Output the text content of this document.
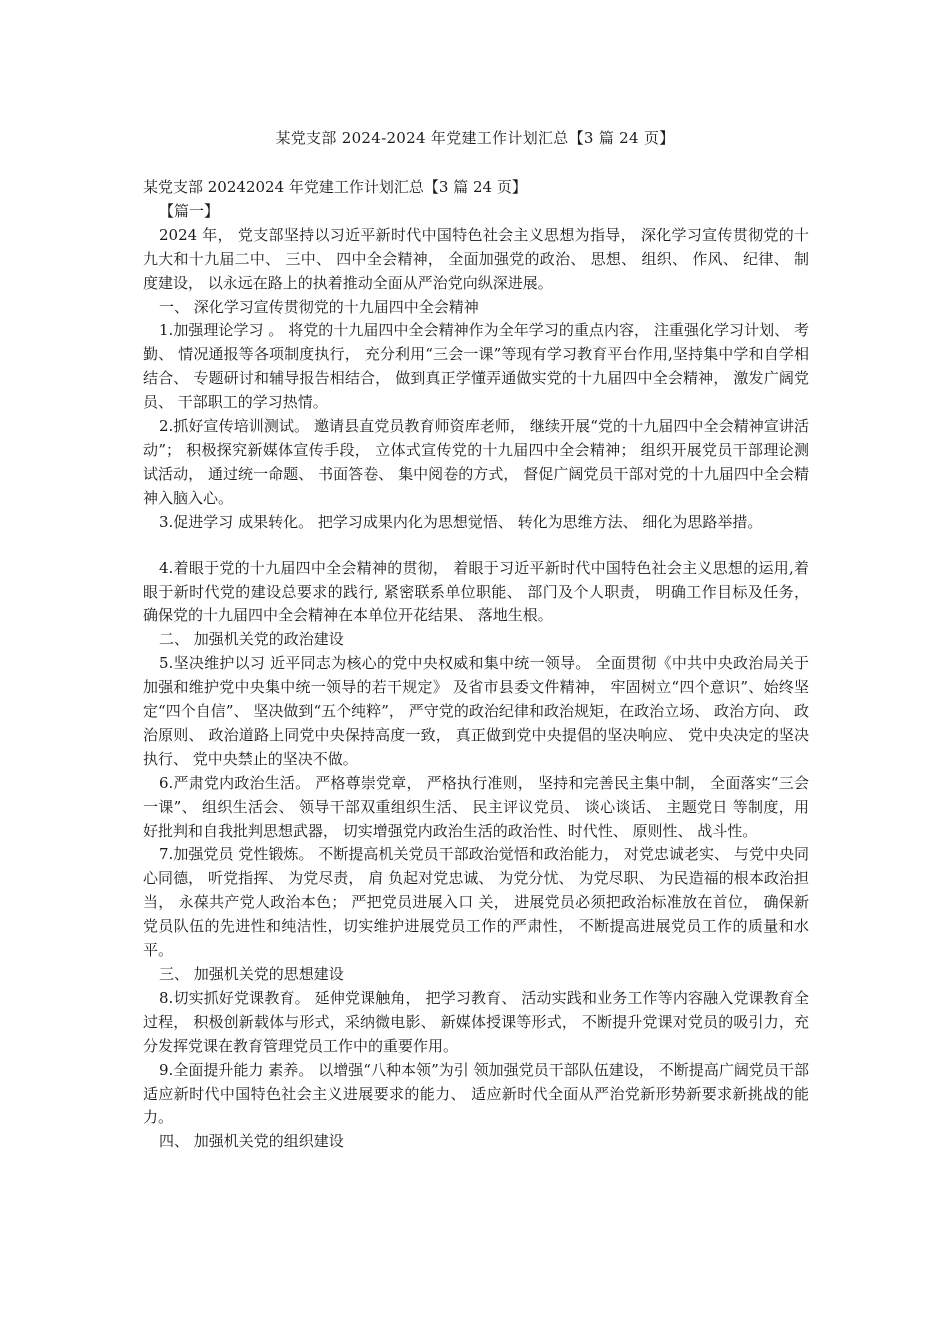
某党支部 2024-2024 年党建工作计划汇总【3 篇 24 页】

某党支部 20242024 年党建工作计划汇总【3 篇 24 页】

【篇一】

2024 年， 党支部坚持以习近平新时代中国特色社会主义思想为指导， 深化学习宣传贯彻党的十九大和十九届二中、 三中、 四中全会精神， 全面加强党的政治、 思想、 组织、 作风、 纪律、 制度建设， 以永远在路上的执着推动全面从严治党向纵深进展。

一、 深化学习宣传贯彻党的十九届四中全会精神

1.加强理论学习 。 将党的十九届四中全会精神作为全年学习的重点内容， 注重强化学习计划、 考勤、 情况通报等各项制度执行， 充分利用“三会一课”等现有学习教育平台作用,坚持集中学和自学相结合、 专题研讨和辅导报告相结合， 做到真正学懂弄通做实党的十九届四中全会精神， 激发广阔党员、 干部职工的学习热情。

2.抓好宣传培训测试。 邀请县直党员教育师资库老师， 继续开展“党的十九届四中全会精神宣讲活动”； 积极探究新媒体宣传手段， 立体式宣传党的十九届四中全会精神； 组织开展党员干部理论测试活动， 通过统一命题、 书面答卷、 集中阅卷的方式， 督促广阔党员干部对党的十九届四中全会精神入脑入心。

3.促进学习 成果转化。 把学习成果内化为思想觉悟、 转化为思维方法、 细化为思路举措。

4.着眼于党的十九届四中全会精神的贯彻， 着眼于习近平新时代中国特色社会主义思想的运用,着眼于新时代党的建设总要求的践行, 紧密联系单位职能、 部门及个人职责， 明确工作目标及任务， 确保党的十九届四中全会精神在本单位开花结果、 落地生根。

二、 加强机关党的政治建设

5.坚决维护以习 近平同志为核心的党中央权威和集中统一领导。 全面贯彻《中共中央政治局关于加强和维护党中央集中统一领导的若干规定》 及省市县委文件精神， 牢固树立“四个意识”、始终坚定“四个自信”、 坚决做到“五个纯粹”， 严守党的政治纪律和政治规矩，在政治立场、 政治方向、 政治原则、 政治道路上同党中央保持高度一致， 真正做到党中央提倡的坚决响应、 党中央决定的坚决执行、 党中央禁止的坚决不做。

6.严肃党内政治生活。 严格尊崇党章， 严格执行准则， 坚持和完善民主集中制， 全面落实“三会一课”、 组织生活会、 领导干部双重组织生活、 民主评议党员、 谈心谈话、 主题党日 等制度，用好批判和自我批判思想武器， 切实增强党内政治生活的政治性、时代性、 原则性、 战斗性。

7.加强党员 党性锻炼。 不断提高机关党员干部政治觉悟和政治能力， 对党忠诚老实、 与党中央同心同德， 听党指挥、 为党尽责， 肩 负起对党忠诚、 为党分忧、 为党尽职、 为民造福的根本政治担当， 永葆共产党人政治本色； 严把党员进展入口 关， 进展党员必须把政治标准放在首位， 确保新党员队伍的先进性和纯洁性，切实维护进展党员工作的严肃性， 不断提高进展党员工作的质量和水平。

三、 加强机关党的思想建设

8.切实抓好党课教育。 延伸党课触角， 把学习教育、 活动实践和业务工作等内容融入党课教育全过程， 积极创新载体与形式，采纳微电影、 新媒体授课等形式， 不断提升党课对党员的吸引力，充分发挥党课在教育管理党员工作中的重要作用。

9.全面提升能力 素养。 以增强“八种本领”为引 领加强党员干部队伍建设， 不断提高广阔党员干部适应新时代中国特色社会主义进展要求的能力、 适应新时代全面从严治党新形势新要求新挑战的能力。

四、 加强机关党的组织建设
